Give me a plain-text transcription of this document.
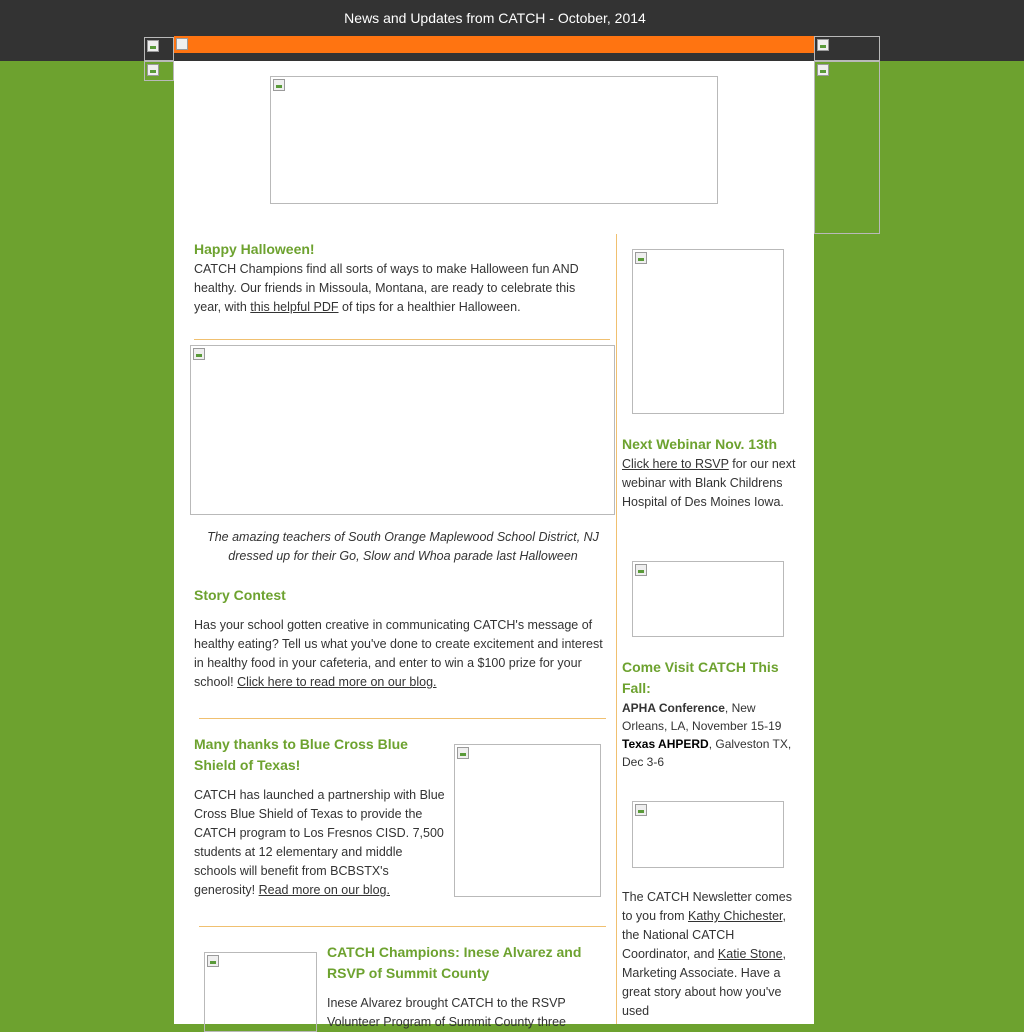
News and Updates from CATCH - October, 2014
Happy Halloween!
CATCH Champions find all sorts of ways to make Halloween fun AND healthy. Our friends in Missoula, Montana, are ready to celebrate this year, with this helpful PDF of tips for a healthier Halloween.
The amazing teachers of South Orange Maplewood School District, NJ dressed up for their Go, Slow and Whoa parade last Halloween
Story Contest
Has your school gotten creative in communicating CATCH's message of healthy eating? Tell us what you've done to create excitement and interest in healthy food in your cafeteria, and enter to win a $100 prize for your school! Click here to read more on our blog.
Many thanks to Blue Cross Blue Shield of Texas!
CATCH has launched a partnership with Blue Cross Blue Shield of Texas to provide the CATCH program to Los Fresnos CISD. 7,500 students at 12 elementary and middle schools will benefit from BCBSTX's generosity! Read more on our blog.
CATCH Champions: Inese Alvarez and RSVP of Summit County
Inese Alvarez brought CATCH to the RSVP Volunteer Program of Summit County three
Next Webinar Nov. 13th
Click here to RSVP for our next webinar with Blank Childrens Hospital of Des Moines Iowa.
Come Visit CATCH This Fall:
APHA Conference, New Orleans, LA, November 15-19
Texas AHPERD, Galveston TX, Dec 3-6
The CATCH Newsletter comes to you from Kathy Chichester, the National CATCH Coordinator, and Katie Stone, Marketing Associate. Have a great story about how you've used
